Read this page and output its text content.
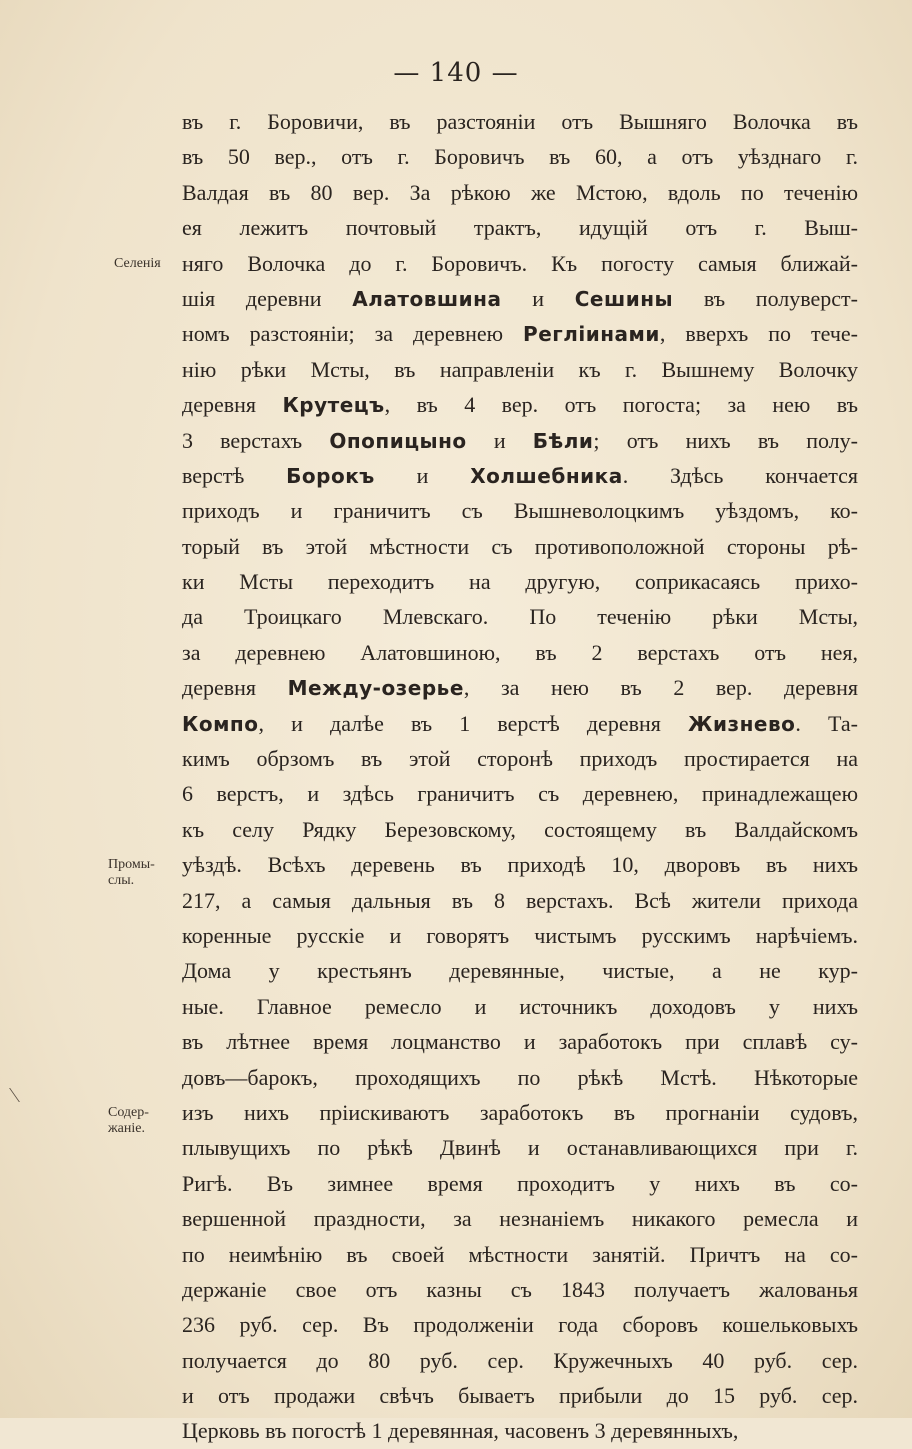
— 140 —
въ г. Боровичи, въ разстояніи отъ Вышняго Волочка въ
въ 50 вер., отъ г. Боровичъ въ 60, а отъ уѣзднаго г.
Валдая въ 80 вер. За рѣкою же Мстою, вдоль по теченію
ея лежитъ почтовый трактъ, идущій отъ г. Выш-
няго Волочка до г. Боровичъ. Къ погосту самыя ближай-
шія деревни Алатовшина и Сешины въ полуверст-
номъ разстояніи; за деревнею Регліинами, вверхъ по тече-
нію рѣки Мсты, въ направленіи къ г. Вышнему Волочку
деревня Крутецъ, въ 4 вер. отъ погоста; за нею въ
3 верстахъ Опопицыно и Бѣли; отъ нихъ въ полу-
верстѣ Борокъ и Холшебника. Здѣсь кончается
приходъ и граничитъ съ Вышневолоцкимъ уѣздомъ, ко-
торый въ этой мѣстности съ противоположной стороны рѣ-
ки Мсты переходитъ на другую, соприкасаясь прихо-
да Троицкаго Млевскаго. По теченію рѣки Мсты,
за деревнею Алатовшиною, въ 2 верстахъ отъ нея,
деревня Между-озерье, за нею въ 2 вер. деревня
Компо, и далѣе въ 1 верстѣ деревня Жизнево. Та-
кимъ обрзомъ въ этой сторонѣ приходъ простирается на
6 верстъ, и здѣсь граничитъ съ деревнею, принадлежащею
къ селу Рядку Березовскому, состоящему въ Валдайскомъ
уѣздѣ. Всѣхъ деревень въ приходѣ 10, дворовъ въ нихъ
217, а самыя дальныя въ 8 верстахъ. Всѣ жители прихода
коренные русскіе и говорятъ чистымъ русскимъ нарѣчіемъ.
Дома у крестьянъ деревянные, чистые, а не кур-
ные. Главное ремесло и источникъ доходовъ у нихъ
въ лѣтнее время лоцманство и заработокъ при сплавѣ су-
довъ—барокъ, проходящихъ по рѣкѣ Мстѣ. Нѣкоторые
изъ нихъ пріискиваютъ заработокъ въ прогнаніи судовъ,
плывущихъ по рѣкѣ Двинѣ и останавливающихся при г.
Ригѣ. Въ зимнее время проходитъ у нихъ въ со-
вершенной праздности, за незнаніемъ никакого ремесла и
по неимѣнію въ своей мѣстности занятій. Причтъ на со-
держаніе свое отъ казны съ 1843 получаетъ жалованья
236 руб. сер. Въ продолженіи года сборовъ кошельковыхъ
получается до 80 руб. сер. Кружечныхъ 40 руб. сер.
и отъ продажи свѣчъ бываетъ прибыли до 15 руб. сер.
Церковь въ погостѣ 1 деревянная, часовенъ 3 деревянныхъ,
Селенія
Промы-
слы.
Содер-
жаніе.
